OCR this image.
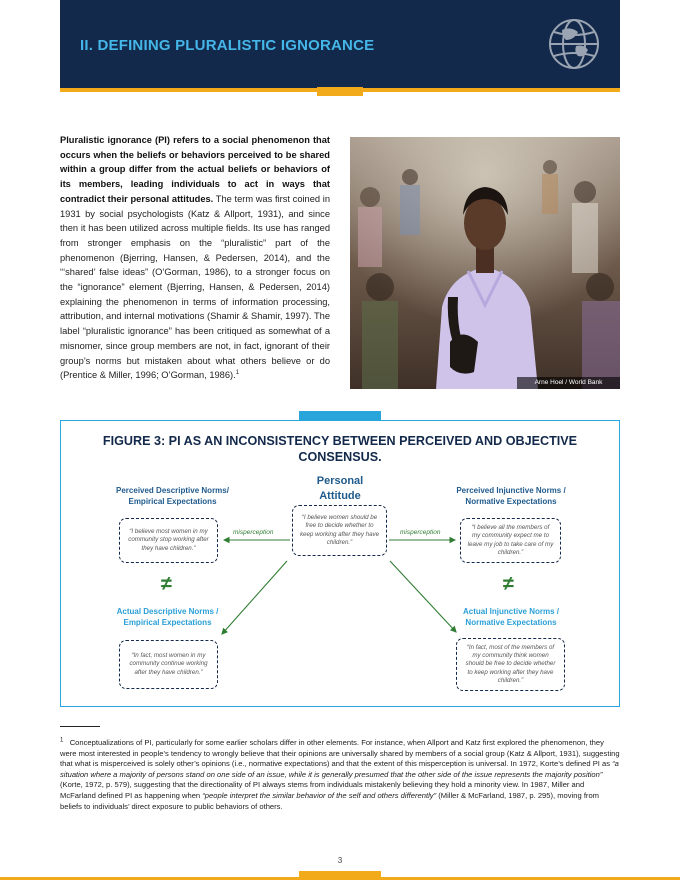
II. DEFINING PLURALISTIC IGNORANCE
Pluralistic ignorance (PI) refers to a social phenomenon that occurs when the beliefs or behaviors perceived to be shared within a group differ from the actual beliefs or behaviors of its members, leading individuals to act in ways that contradict their personal attitudes. The term was first coined in 1931 by social psychologists (Katz & Allport, 1931), and since then it has been utilized across multiple fields. Its use has ranged from stronger emphasis on the “pluralistic” part of the phenomenon (Bjerring, Hansen, & Pedersen, 2014), and the “‘shared’ false ideas” (O’Gorman, 1986), to a stronger focus on the “ignorance” element (Bjerring, Hansen, & Pedersen, 2014) explaining the phenomenon in terms of information processing, attribution, and internal motivations (Shamir & Shamir, 1997). The label “pluralistic ignorance” has been critiqued as somewhat of a misnomer, since group members are not, in fact, ignorant of their group’s norms but mistaken about what others believe or do (Prentice & Miller, 1996; O’Gorman, 1986).$^1$
Arne Hoel / World Bank
FIGURE 3: PI AS AN INCONSISTENCY BETWEEN PERCEIVED AND OBJECTIVE CONSENSUS.
Perceived Descriptive Norms/ Empirical Expectations
Personal Attitude	Perceived Injunctive Norms / Normative Expectations
“I believe most women in my community stop working after they have children.”
“I believe women should be free to decide whether to keep working after they have children.”
“I believe all the members of my community expect me to leave my job to take care of my children.”
misperception	misperception
≠	≠
Actual Descriptive Norms / Empirical Expectations
Actual Injunctive Norms / Normative Expectations
“In fact, most women in my community continue working after they have children.”
“In fact, most of the members of my community think women should be free to decide whether to keep working after they have children.”
$^1$ Conceptualizations of PI, particularly for some earlier scholars differ in other elements. For instance, when Allport and Katz first explored the phenomenon, they were most interested in people’s tendency to wrongly believe that their opinions are universally shared by members of a social group (Katz & Allport, 1931), suggesting that what is misperceived is solely other’s opinions (i.e., normative expectations) and that the extent of this misperception is universal. In 1972, Korte’s defined PI as “a situation where a majority of persons stand on one side of an issue, while it is generally presumed that the other side of the issue represents the majority position” (Korte, 1972, p. 579), suggesting that the directionality of PI always stems from individuals mistakenly believing they hold a minority view. In 1987, Miller and McFarland defined PI as happening when “people interpret the similar behavior of the self and others differently” (Miller & McFarland, 1987, p. 295), moving from beliefs to individuals’ direct exposure to public behaviors of others.
3
